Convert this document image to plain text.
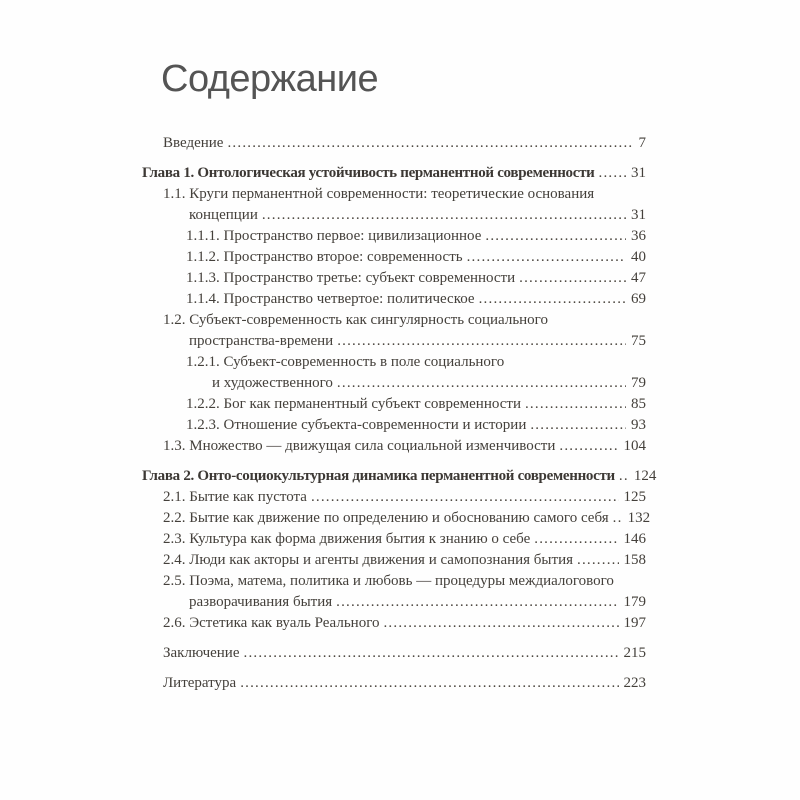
Содержание
Введение .....	7
Глава 1. Онтологическая устойчивость перманентной современности ..... 31
1.1. Круги перманентной современности: теоретические основания
концепции .....	31
1.1.1. Пространство первое: цивилизационное .....	36
1.1.2. Пространство второе: современность .....	40
1.1.3. Пространство третье: субъект современности .....	47
1.1.4. Пространство четвертое: политическое .....	69
1.2. Субъект-современность как сингулярность социального
пространства-времени .....	75
1.2.1. Субъект-современность в поле социального
и художественного .....	79
1.2.2. Бог как перманентный субъект современности .....	85
1.2.3. Отношение субъекта-современности и истории .....	93
1.3. Множество — движущая сила социальной изменчивости .....	104
Глава 2. Онто-социокультурная динамика перманентной современности ..... 124
2.1. Бытие как пустота .....	125
2.2. Бытие как движение по определению и обоснованию самого себя ..... 132
2.3. Культура как форма движения бытия к знанию о себе .....	146
2.4. Люди как акторы и агенты движения и самопознания бытия .....	158
2.5. Поэма, матема, политика и любовь — процедуры междиалогового
разворачивания бытия .....	179
2.6. Эстетика как вуаль Реального .....	197
Заключение .....	215
Литература .....	223
